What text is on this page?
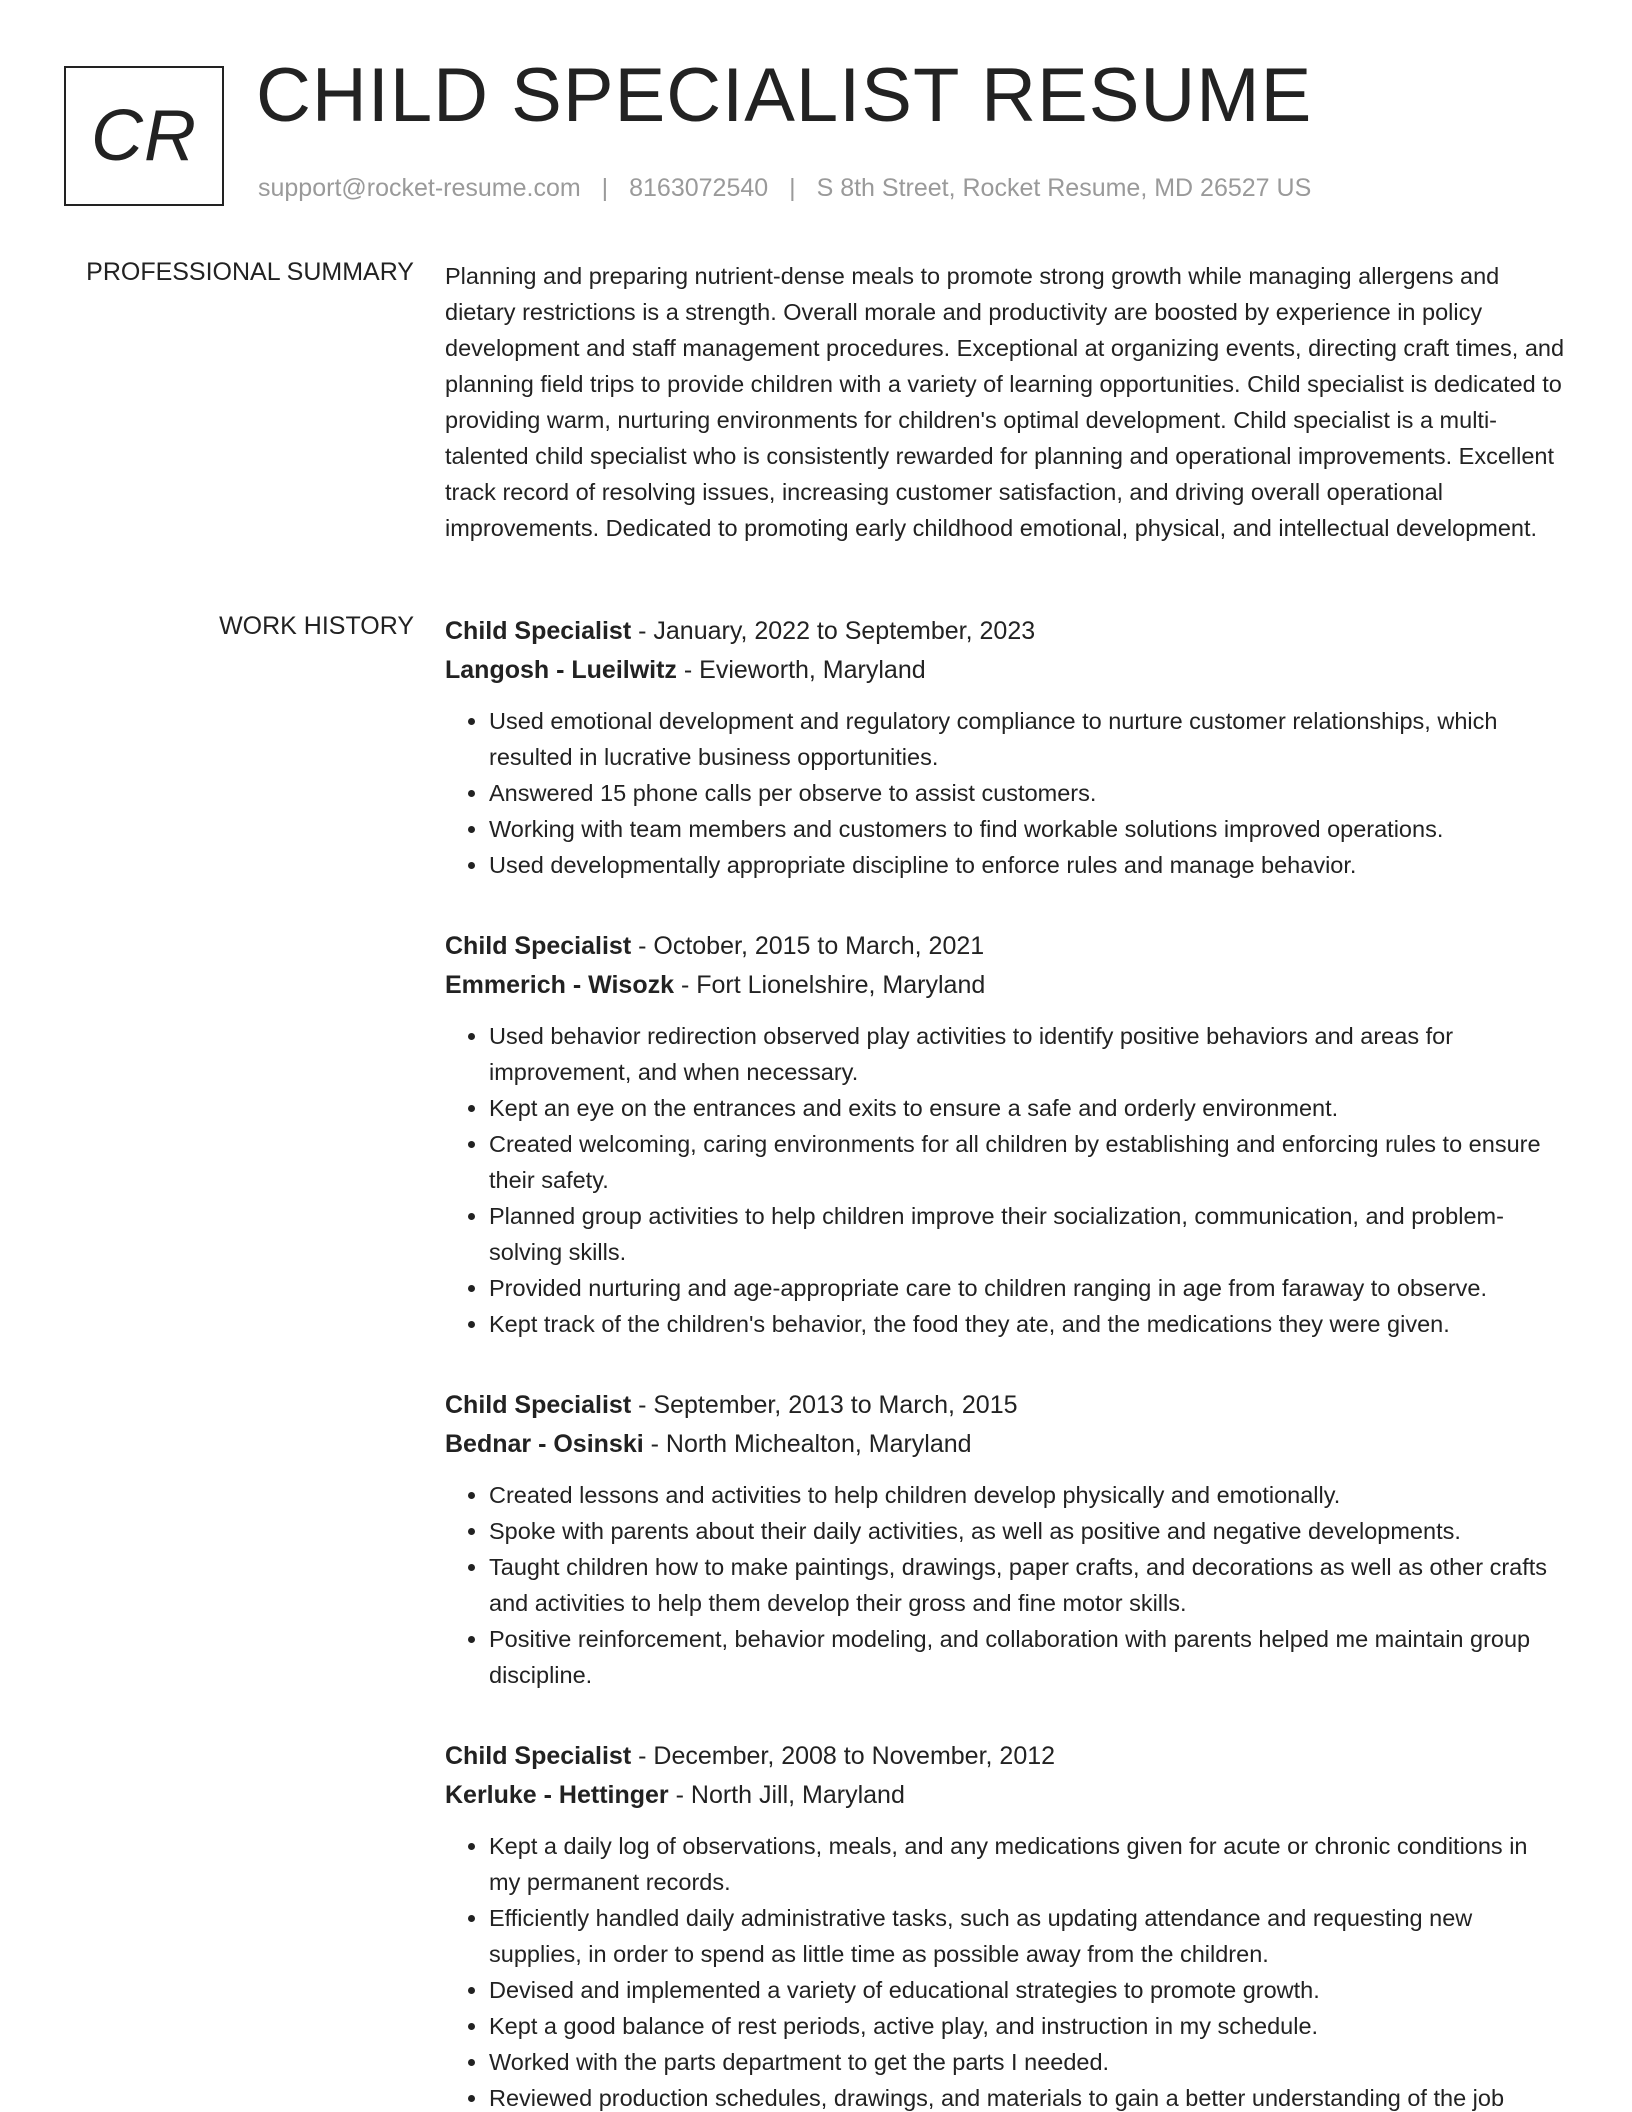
CR CHILD SPECIALIST RESUME
support@rocket-resume.com | 8163072540 | S 8th Street, Rocket Resume, MD 26527 US
PROFESSIONAL SUMMARY Planning and preparing nutrient-dense meals to promote strong growth while managing allergens and dietary restrictions is a strength. Overall morale and productivity are boosted by experience in policy development and staff management procedures. Exceptional at organizing events, directing craft times, and planning field trips to provide children with a variety of learning opportunities. Child specialist is dedicated to providing warm, nurturing environments for children's optimal development. Child specialist is a multi-talented child specialist who is consistently rewarded for planning and operational improvements. Excellent track record of resolving issues, increasing customer satisfaction, and driving overall operational improvements. Dedicated to promoting early childhood emotional, physical, and intellectual development.

WORK HISTORY Child Specialist - January, 2022 to September, 2023
Langosh - Lueilwitz - Evieworth, Maryland
• Used emotional development and regulatory compliance to nurture customer relationships, which resulted in lucrative business opportunities.
• Answered 15 phone calls per observe to assist customers.
• Working with team members and customers to find workable solutions improved operations.
• Used developmentally appropriate discipline to enforce rules and manage behavior.
Child Specialist - October, 2015 to March, 2021
Emmerich - Wisozk - Fort Lionelshire, Maryland
• Used behavior redirection observed play activities to identify positive behaviors and areas for improvement, and when necessary.
• Kept an eye on the entrances and exits to ensure a safe and orderly environment.
• Created welcoming, caring environments for all children by establishing and enforcing rules to ensure their safety.
• Planned group activities to help children improve their socialization, communication, and problem-solving skills.
• Provided nurturing and age-appropriate care to children ranging in age from faraway to observe.
• Kept track of the children's behavior, the food they ate, and the medications they were given.
Child Specialist - September, 2013 to March, 2015
Bednar - Osinski - North Michealton, Maryland
• Created lessons and activities to help children develop physically and emotionally.
• Spoke with parents about their daily activities, as well as positive and negative developments.
• Taught children how to make paintings, drawings, paper crafts, and decorations as well as other crafts and activities to help them develop their gross and fine motor skills.
• Positive reinforcement, behavior modeling, and collaboration with parents helped me maintain group discipline.
Child Specialist - December, 2008 to November, 2012
Kerluke - Hettinger - North Jill, Maryland
• Kept a daily log of observations, meals, and any medications given for acute or chronic conditions in my permanent records.
• Efficiently handled daily administrative tasks, such as updating attendance and requesting new supplies, in order to spend as little time as possible away from the children.
• Devised and implemented a variety of educational strategies to promote growth.
• Kept a good balance of rest periods, active play, and instruction in my schedule.
• Worked with the parts department to get the parts I needed.
• Reviewed production schedules, drawings, and materials to gain a better understanding of the job
